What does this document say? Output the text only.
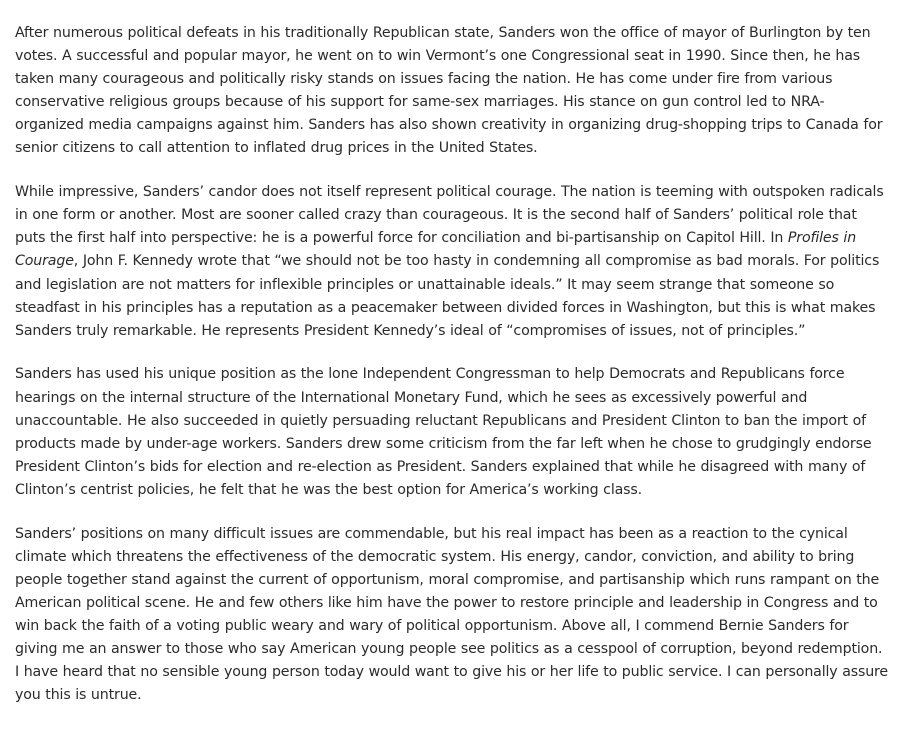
After numerous political defeats in his traditionally Republican state, Sanders won the office of mayor of Burlington by ten votes. A successful and popular mayor, he went on to win Vermont’s one Congressional seat in 1990. Since then, he has taken many courageous and politically risky stands on issues facing the nation. He has come under fire from various conservative religious groups because of his support for same-sex marriages. His stance on gun control led to NRA-organized media campaigns against him. Sanders has also shown creativity in organizing drug-shopping trips to Canada for senior citizens to call attention to inflated drug prices in the United States.

While impressive, Sanders’ candor does not itself represent political courage. The nation is teeming with outspoken radicals in one form or another. Most are sooner called crazy than courageous. It is the second half of Sanders’ political role that puts the first half into perspective: he is a powerful force for conciliation and bi-partisanship on Capitol Hill. In Profiles in Courage, John F. Kennedy wrote that “we should not be too hasty in condemning all compromise as bad morals. For politics and legislation are not matters for inflexible principles or unattainable ideals.” It may seem strange that someone so steadfast in his principles has a reputation as a peacemaker between divided forces in Washington, but this is what makes Sanders truly remarkable. He represents President Kennedy’s ideal of “compromises of issues, not of principles.”

Sanders has used his unique position as the lone Independent Congressman to help Democrats and Republicans force hearings on the internal structure of the International Monetary Fund, which he sees as excessively powerful and unaccountable. He also succeeded in quietly persuading reluctant Republicans and President Clinton to ban the import of products made by under-age workers. Sanders drew some criticism from the far left when he chose to grudgingly endorse President Clinton’s bids for election and re-election as President. Sanders explained that while he disagreed with many of Clinton’s centrist policies, he felt that he was the best option for America’s working class.

Sanders’ positions on many difficult issues are commendable, but his real impact has been as a reaction to the cynical climate which threatens the effectiveness of the democratic system. His energy, candor, conviction, and ability to bring people together stand against the current of opportunism, moral compromise, and partisanship which runs rampant on the American political scene. He and few others like him have the power to restore principle and leadership in Congress and to win back the faith of a voting public weary and wary of political opportunism. Above all, I commend Bernie Sanders for giving me an answer to those who say American young people see politics as a cesspool of corruption, beyond redemption. I have heard that no sensible young person today would want to give his or her life to public service. I can personally assure you this is untrue.
